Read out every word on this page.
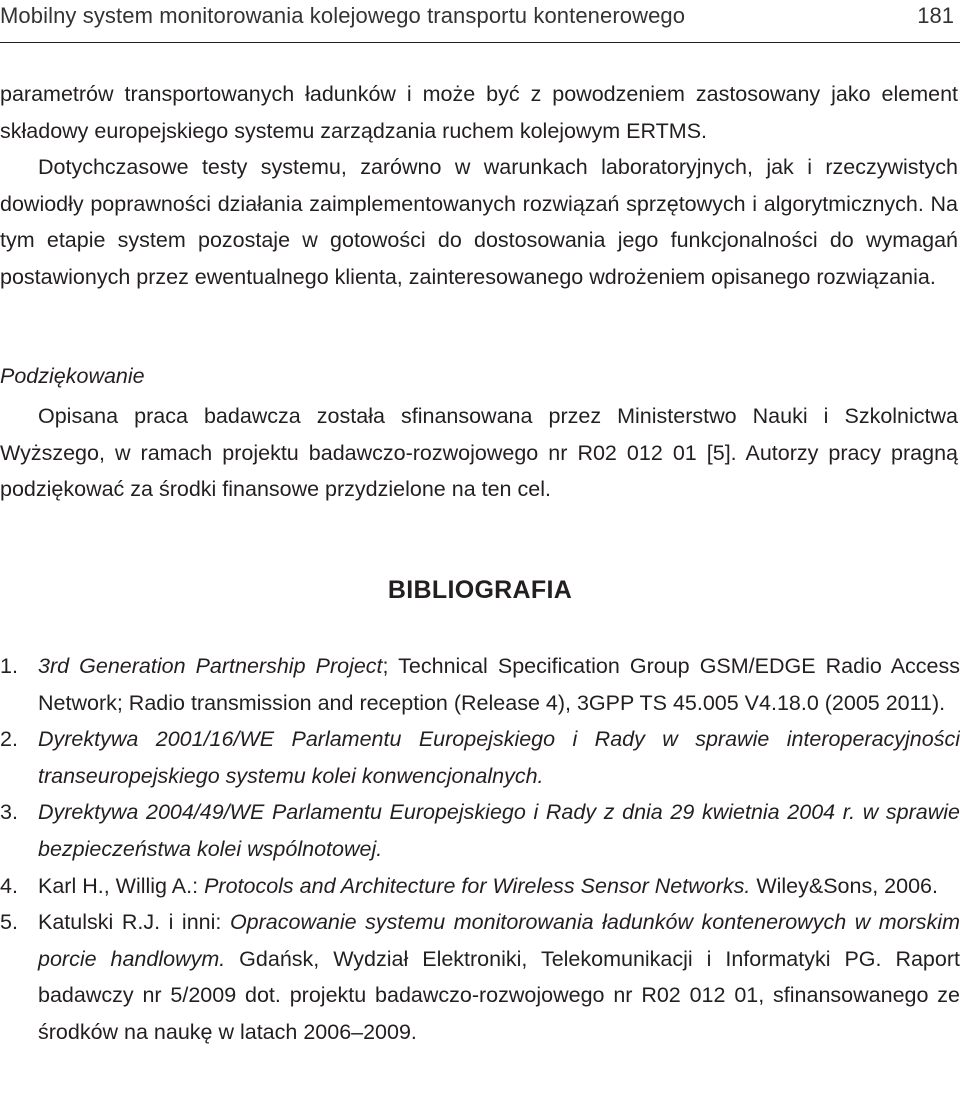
Mobilny system monitorowania kolejowego transportu kontenerowego	181

parametrów transportowanych ładunków i może być z powodzeniem zastosowany jako element składowy europejskiego systemu zarządzania ruchem kolejowym ERTMS.

Dotychczasowe testy systemu, zarówno w warunkach laboratoryjnych, jak i rzeczywistych dowiodły poprawności działania zaimplementowanych rozwiązań sprzętowych i algorytmicznych. Na tym etapie system pozostaje w gotowości do dostosowania jego funkcjonalności do wymagań postawionych przez ewentualnego klienta, zainteresowanego wdrożeniem opisanego rozwiązania.

Podziękowanie

Opisana praca badawcza została sfinansowana przez Ministerstwo Nauki i Szkolnictwa Wyższego, w ramach projektu badawczo-rozwojowego nr R02 012 01 [5]. Autorzy pracy pragną podziękować za środki finansowe przydzielone na ten cel.

BIBLIOGRAFIA
1. 3rd Generation Partnership Project; Technical Specification Group GSM/EDGE Radio Access Network; Radio transmission and reception (Release 4), 3GPP TS 45.005 V4.18.0 (2005 2011).
2. Dyrektywa 2001/16/WE Parlamentu Europejskiego i Rady w sprawie interoperacyjności transeuropejskiego systemu kolei konwencjonalnych.
3. Dyrektywa 2004/49/WE Parlamentu Europejskiego i Rady z dnia 29 kwietnia 2004 r. w sprawie bezpieczeństwa kolei wspólnotowej.
4. Karl H., Willig A.: Protocols and Architecture for Wireless Sensor Networks. Wiley&Sons, 2006.
5. Katulski R.J. i inni: Opracowanie systemu monitorowania ładunków kontenerowych w morskim porcie handlowym. Gdańsk, Wydział Elektroniki, Telekomunikacji i Informatyki PG. Raport badawczy nr 5/2009 dot. projektu badawczo-rozwojowego nr R02 012 01, sfinansowanego ze środków na naukę w latach 2006–2009.
